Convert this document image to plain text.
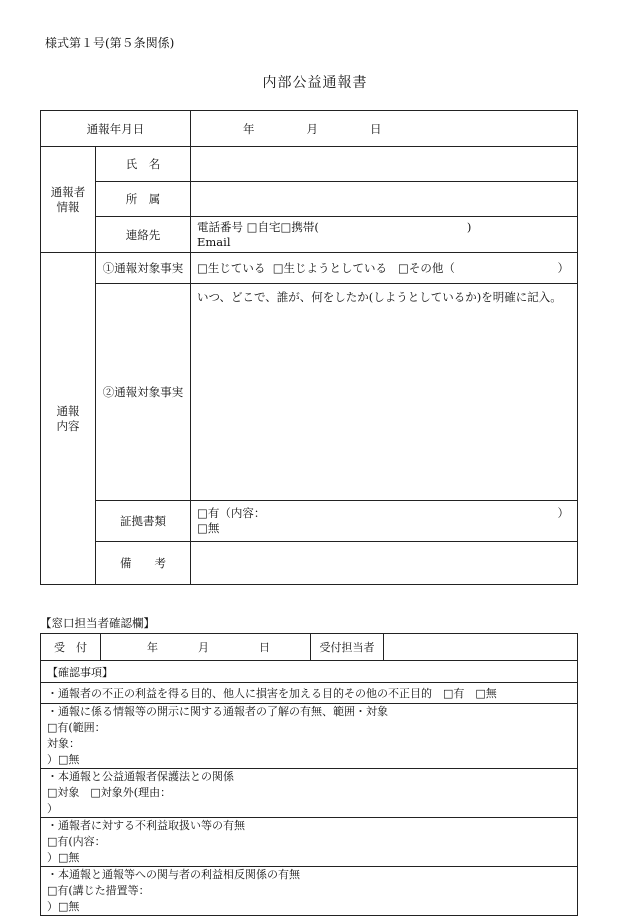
様式第１号(第５条関係)
内部公益通報書
通報年月日		年 月 日

通報者
情報	氏　名	
	所　属	
	連絡先	電話番号 □自宅□携帯( )
Email

通報
内容	①通報対象事実	□生じている □生じようとしている □その他（ ）

	②通報対象事実	いつ、どこで、誰が、何をしたか(しようとしているか)を明確に記入。
	証拠書類	□有（内容： ）
□無

	備　　考	
【窓口担当者確認欄】
受　付	年	月	日	受付担当者	
【確認事項】
・通報者の不正の利益を得る目的、他人に損害を加える目的その他の不正目的　□有　□無

・通報に係る情報等の開示に関する通報者の了解の有無、範囲・対象
□有(範囲：
対象：
）□無

・本通報と公益通報者保護法との関係
□対象　□対象外(理由：
）

・通報者に対する不利益取扱い等の有無
□有(内容：
）□無

・本通報と通報等への関与者の利益相反関係の有無
□有(講じた措置等：
）□無
